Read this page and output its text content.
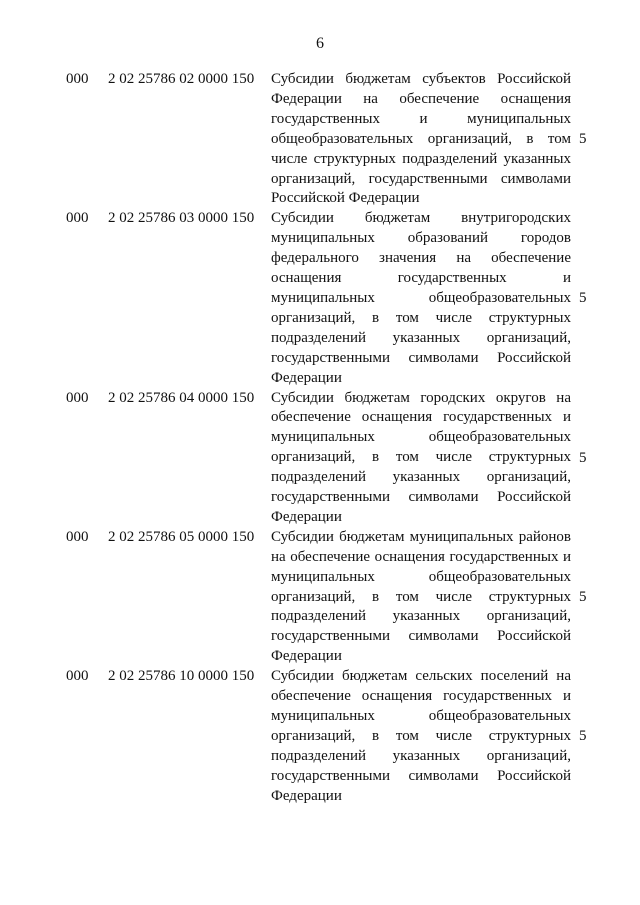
6
000 2 02 25786 02 0000 150	Субсидии бюджетам субъектов Российской Федерации на обеспечение оснащения государственных и муниципальных общеобразовательных организаций, в том числе структурных подразделений указанных организаций, государственными символами Российской Федерации
5
000 2 02 25786 03 0000 150	Субсидии бюджетам внутригородских муниципальных образований городов федерального значения на обеспечение оснащения государственных и муниципальных общеобразовательных организаций, в том числе структурных подразделений указанных организаций, государственными символами Российской Федерации
5
000 2 02 25786 04 0000 150	Субсидии бюджетам городских округов на обеспечение оснащения государственных и муниципальных общеобразовательных организаций, в том числе структурных подразделений указанных организаций, государственными символами Российской Федерации
5
000 2 02 25786 05 0000 150	Субсидии бюджетам муниципальных районов на обеспечение оснащения государственных и муниципальных общеобразовательных организаций, в том числе структурных подразделений указанных организаций, государственными символами Российской Федерации
5
000 2 02 25786 10 0000 150	Субсидии бюджетам сельских поселений на обеспечение оснащения государственных и муниципальных общеобразовательных организаций, в том числе структурных подразделений указанных организаций, государственными символами Российской Федерации
5
